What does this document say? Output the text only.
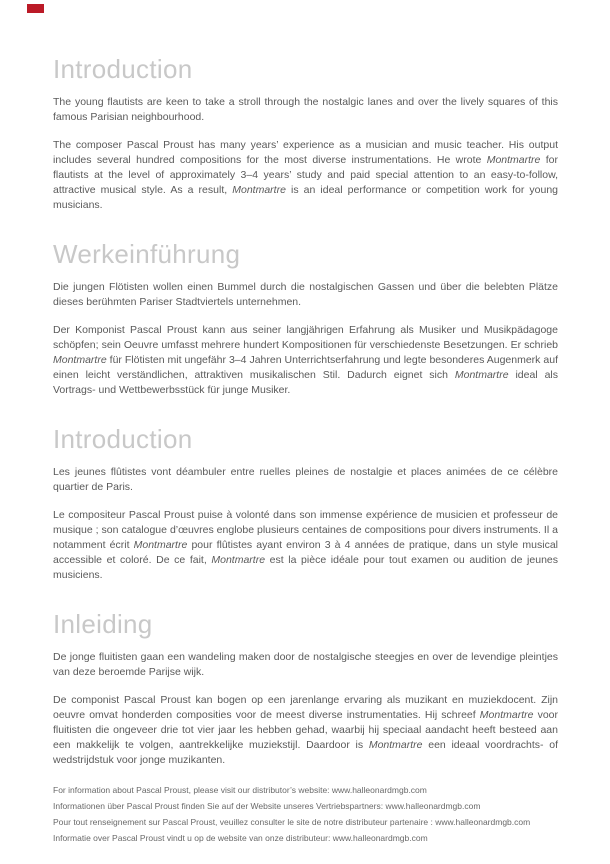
Introduction

The young flautists are keen to take a stroll through the nostalgic lanes and over the lively squares of this famous Parisian neighbourhood.

The composer Pascal Proust has many years’ experience as a musician and music teacher. His output includes several hundred compositions for the most diverse instrumentations. He wrote Montmartre for flautists at the level of approximately 3–4 years’ study and paid special attention to an easy-to-follow, attractive musical style. As a result, Montmartre is an ideal performance or competition work for young musicians.

Werkeinführung

Die jungen Flötisten wollen einen Bummel durch die nostalgischen Gassen und über die belebten Plätze dieses berühmten Pariser Stadtviertels unternehmen.

Der Komponist Pascal Proust kann aus seiner langjährigen Erfahrung als Musiker und Musikpädagoge schöpfen; sein Oeuvre umfasst mehrere hundert Kompositionen für verschiedenste Besetzungen. Er schrieb Montmartre für Flötisten mit ungefähr 3–4 Jahren Unterrichtserfahrung und legte besonderes Augenmerk auf einen leicht verständlichen, attraktiven musikalischen Stil. Dadurch eignet sich Montmartre ideal als Vortrags- und Wettbewerbsstück für junge Musiker.

Introduction

Les jeunes flûtistes vont déambuler entre ruelles pleines de nostalgie et places animées de ce célèbre quartier de Paris.

Le compositeur Pascal Proust puise à volonté dans son immense expérience de musicien et professeur de musique ; son catalogue d’œuvres englobe plusieurs centaines de compositions pour divers instruments. Il a notamment écrit Montmartre pour flûtistes ayant environ 3 à 4 années de pratique, dans un style musical accessible et coloré. De ce fait, Montmartre est la pièce idéale pour tout examen ou audition de jeunes musiciens.

Inleiding

De jonge fluitisten gaan een wandeling maken door de nostalgische steegjes en over de levendige pleintjes van deze beroemde Parijse wijk.

De componist Pascal Proust kan bogen op een jarenlange ervaring als muzikant en muziekdocent. Zijn oeuvre omvat honderden composities voor de meest diverse instrumentaties. Hij schreef Montmartre voor fluitisten die ongeveer drie tot vier jaar les hebben gehad, waarbij hij speciaal aandacht heeft besteed aan een makkelijk te volgen, aantrekkelijke muziekstijl. Daardoor is Montmartre een ideaal voordrachts- of wedstrijdstuk voor jonge muzikanten.

For information about Pascal Proust, please visit our distributor’s website: www.halleonardmgb.com
Informationen über Pascal Proust finden Sie auf der Website unseres Vertriebspartners: www.halleonardmgb.com
Pour tout renseignement sur Pascal Proust, veuillez consulter le site de notre distributeur partenaire : www.halleonardmgb.com
Informatie over Pascal Proust vindt u op de website van onze distributeur: www.halleonardmgb.com
